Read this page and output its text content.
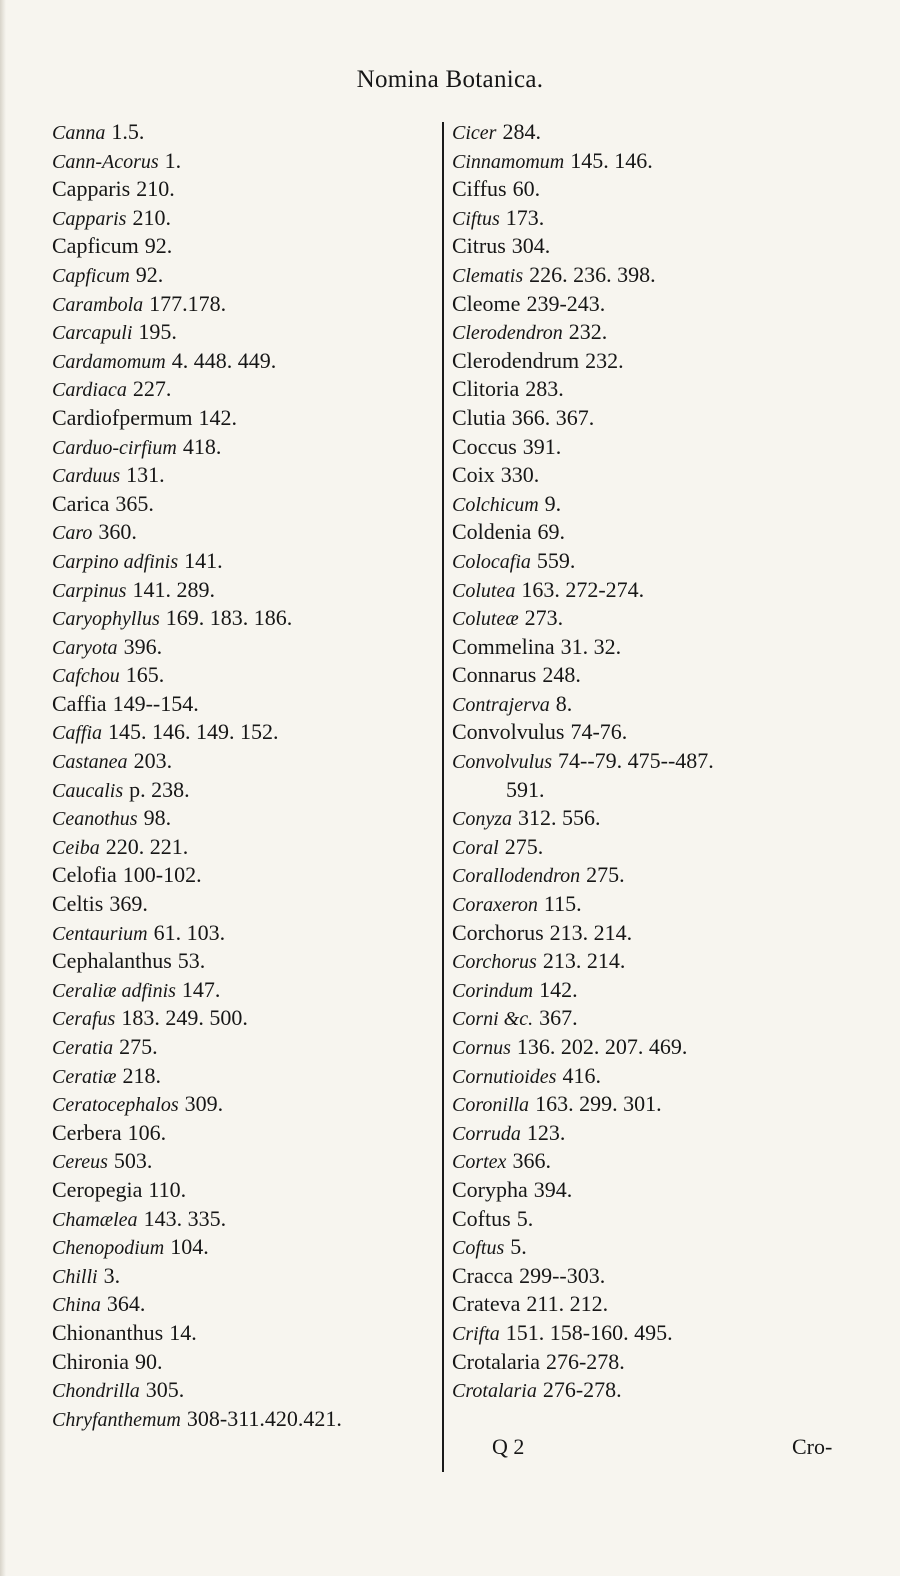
Nomina Botanica.
Canna 1.5.
Cann-Acorus 1.
Capparis 210.
Capparis 210.
Capficum 92.
Capficum 92.
Carambola 177.178.
Carcapuli 195.
Cardamomum 4. 448. 449.
Cardiaca 227.
Cardiofpermum 142.
Carduo-cirfium 418.
Carduus 131.
Carica 365.
Caro 360.
Carpino adfinis 141.
Carpinus 141. 289.
Caryophyllus 169. 183. 186.
Caryota 396.
Cafchou 165.
Caffia 149--154.
Caffia 145. 146. 149. 152.
Castanea 203.
Caucalis p. 238.
Ceanothus 98.
Ceiba 220. 221.
Celofia 100-102.
Celtis 369.
Centaurium 61. 103.
Cephalanthus 53.
Ceraliæ adfinis 147.
Cerafus 183. 249. 500.
Ceratia 275.
Ceratiæ 218.
Ceratocephalos 309.
Cerbera 106.
Cereus 503.
Ceropegia 110.
Chamælea 143. 335.
Chenopodium 104.
Chilli 3.
China 364.
Chionanthus 14.
Chironia 90.
Chondrilla 305.
Chryfanthemum 308-311.420.421.
Cicer 284.
Cinnamomum 145. 146.
Ciffus 60.
Ciftus 173.
Citrus 304.
Clematis 226. 236. 398.
Cleome 239-243.
Clerodendron 232.
Clerodendrum 232.
Clitoria 283.
Clutia 366. 367.
Coccus 391.
Coix 330.
Colchicum 9.
Coldenia 69.
Colocafia 559.
Colutea 163. 272-274.
Coluteæ 273.
Commelina 31. 32.
Connarus 248.
Contrajerva 8.
Convolvulus 74-76.
Convolvulus 74--79. 475--487.
591.
Conyza 312. 556.
Coral 275.
Corallodendron 275.
Coraxeron 115.
Corchorus 213. 214.
Corchorus 213. 214.
Corindum 142.
Corni &c. 367.
Cornus 136. 202. 207. 469.
Cornutioides 416.
Coronilla 163. 299. 301.
Corruda 123.
Cortex 366.
Corypha 394.
Coftus 5.
Coftus 5.
Cracca 299--303.
Crateva 211. 212.
Crifta 151. 158-160. 495.
Crotalaria 276-278.
Crotalaria 276-278.
Q 2	Cro-
